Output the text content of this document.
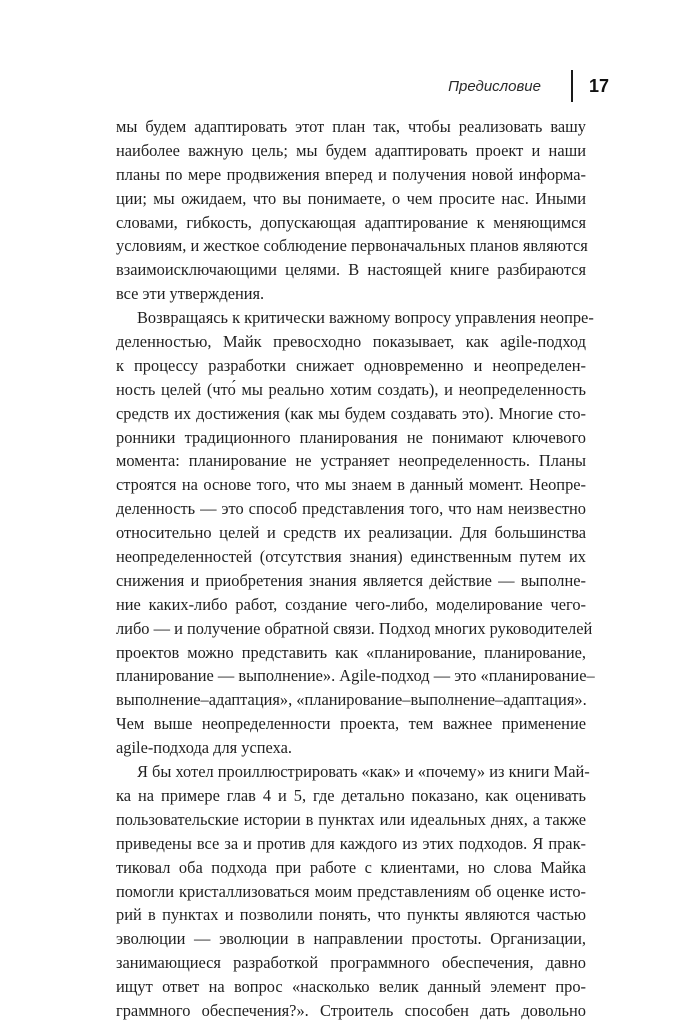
Предисловие	17

мы будем адаптировать этот план так, чтобы реализовать вашу
наиболее важную цель; мы будем адаптировать проект и наши
планы по мере продвижения вперед и получения новой информа-
ции; мы ожидаем, что вы понимаете, о чем просите нас. Иными
словами, гибкость, допускающая адаптирование к меняющимся
условиям, и жесткое соблюдение первоначальных планов являются
взаимоисключающими целями. В настоящей книге разбираются
все эти утверждения.

Возвращаясь к критически важному вопросу управления неопре-
деленностью, Майк превосходно показывает, как agile-подход
к процессу разработки снижает одновременно и неопределен-
ность целей (что́ мы реально хотим создать), и неопределенность
средств их достижения (как мы будем создавать это). Многие сто-
ронники традиционного планирования не понимают ключевого
момента: планирование не устраняет неопределенность. Планы
строятся на основе того, что мы знаем в данный момент. Неопре-
деленность — это способ представления того, что нам неизвестно
относительно целей и средств их реализации. Для большинства
неопределенностей (отсутствия знания) единственным путем их
снижения и приобретения знания является действие — выполне-
ние каких-либо работ, создание чего-либо, моделирование чего-
либо — и получение обратной связи. Подход многих руководителей
проектов можно представить как «планирование, планирование,
планирование — выполнение». Agile-подход — это «планирование–
выполнение–адаптация», «планирование–выполнение–адаптация».
Чем выше неопределенности проекта, тем важнее применение
agile-подхода для успеха.

Я бы хотел проиллюстрировать «как» и «почему» из книги Май-
ка на примере глав 4 и 5, где детально показано, как оценивать
пользовательские истории в пунктах или идеальных днях, а также
приведены все за и против для каждого из этих подходов. Я прак-
тиковал оба подхода при работе с клиентами, но слова Майка
помогли кристаллизоваться моим представлениям об оценке исто-
рий в пунктах и позволили понять, что пункты являются частью
эволюции — эволюции в направлении простоты. Организации,
занимающиеся разработкой программного обеспечения, давно
ищут ответ на вопрос «насколько велик данный элемент про-
граммного обеспечения?». Строитель способен дать довольно
